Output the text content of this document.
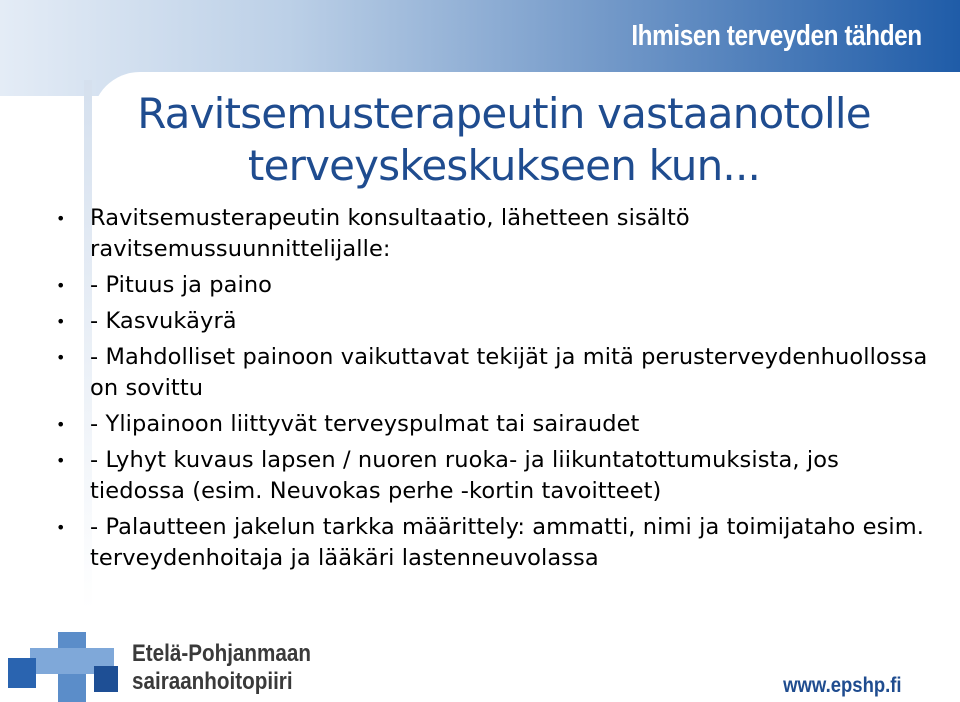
Ihmisen terveyden tähden
Ravitsemusterapeutin vastaanotolle terveyskeskukseen kun...
• Ravitsemusterapeutin konsultaatio, lähetteen sisältö ravitsemussuunnittelijalle:
• - Pituus ja paino
• - Kasvukäyrä
• - Mahdolliset painoon vaikuttavat tekijät ja mitä perusterveydenhuollossa on sovittu
• - Ylipainoon liittyvät terveyspulmat tai sairaudet
• - Lyhyt kuvaus lapsen / nuoren ruoka- ja liikuntatottumuksista, jos tiedossa (esim. Neuvokas perhe -kortin tavoitteet)
• - Palautteen jakelun tarkka määrittely: ammatti, nimi ja toimijataho esim. terveydenhoitaja ja lääkäri lastenneuvolassa
Etelä-Pohjanmaan
sairaanhoitopiiri	www.epshp.fi
